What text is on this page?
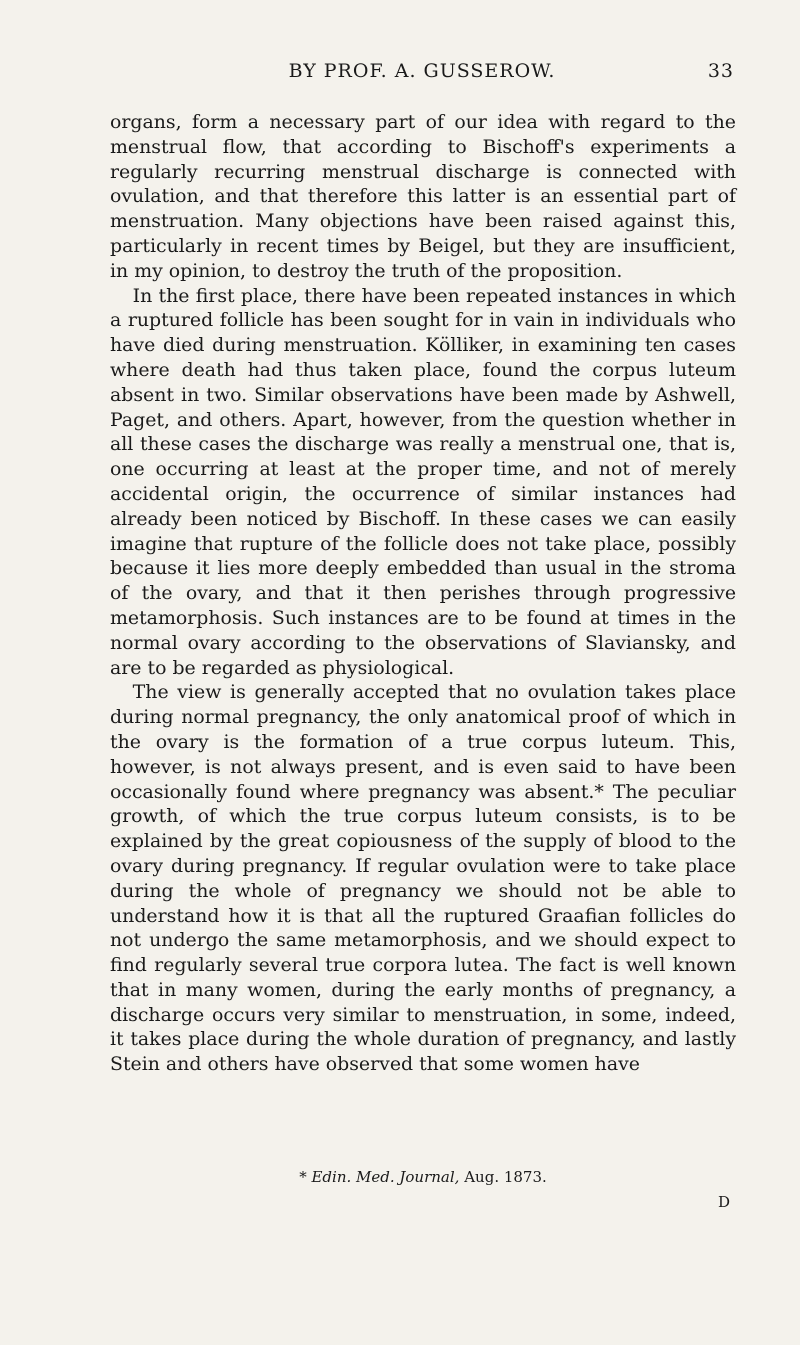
BY PROF. A. GUSSEROW.	33

organs, form a necessary part of our idea with regard to the menstrual flow, that according to Bischoff's experiments a regularly recurring menstrual discharge is connected with ovulation, and that therefore this latter is an essential part of menstruation. Many objections have been raised against this, particularly in recent times by Beigel, but they are insufficient, in my opinion, to destroy the truth of the proposition.

In the first place, there have been repeated instances in which a ruptured follicle has been sought for in vain in individuals who have died during menstruation. Kölliker, in examining ten cases where death had thus taken place, found the corpus luteum absent in two. Similar observations have been made by Ashwell, Paget, and others. Apart, however, from the question whether in all these cases the discharge was really a menstrual one, that is, one occurring at least at the proper time, and not of merely accidental origin, the occurrence of similar instances had already been noticed by Bischoff. In these cases we can easily imagine that rupture of the follicle does not take place, possibly because it lies more deeply embedded than usual in the stroma of the ovary, and that it then perishes through progressive metamorphosis. Such instances are to be found at times in the normal ovary according to the observations of Slaviansky, and are to be regarded as physiological.

The view is generally accepted that no ovulation takes place during normal pregnancy, the only anatomical proof of which in the ovary is the formation of a true corpus luteum. This, however, is not always present, and is even said to have been occasionally found where pregnancy was absent.* The peculiar growth, of which the true corpus luteum consists, is to be explained by the great copiousness of the supply of blood to the ovary during pregnancy. If regular ovulation were to take place during the whole of pregnancy we should not be able to understand how it is that all the ruptured Graafian follicles do not undergo the same metamorphosis, and we should expect to find regularly several true corpora lutea. The fact is well known that in many women, during the early months of pregnancy, a discharge occurs very similar to menstruation, in some, indeed, it takes place during the whole duration of pregnancy, and lastly Stein and others have observed that some women have

* Edin. Med. Journal, Aug. 1873.
D
